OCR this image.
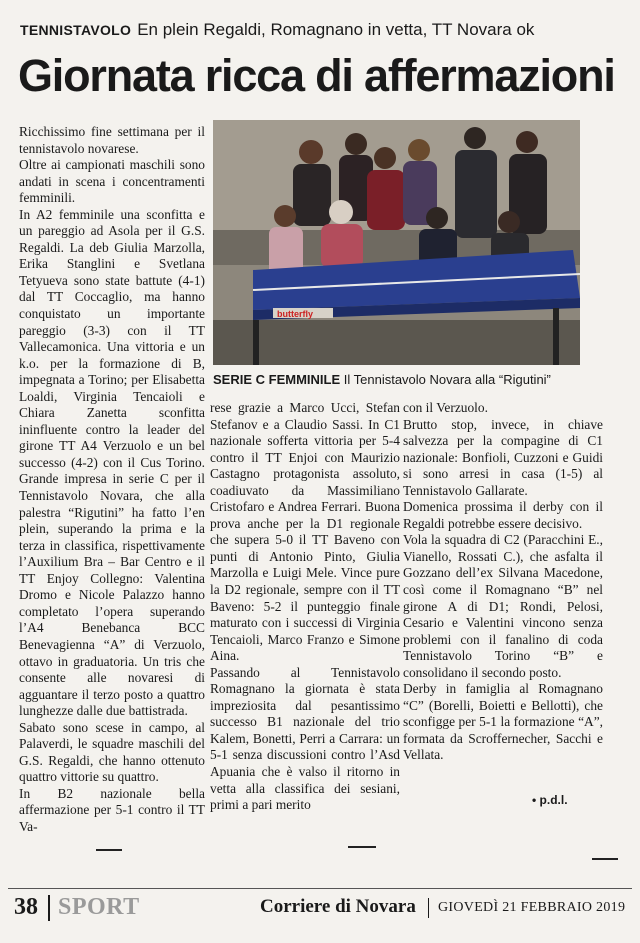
TENNISTAVOLO En plein Regaldi, Romagnano in vetta, TT Novara ok
Giornata ricca di affermazioni

Ricchissimo fine settimana per il tennistavolo novarese.

Oltre ai campionati maschili sono andati in scena i concentramenti femminili.

In A2 femminile una sconfitta e un pareggio ad Asola per il G.S. Regaldi. La deb Giulia Marzolla, Erika Stanglini e Svetlana Tetyueva sono state battute (4-1) dal TT Coccaglio, ma hanno conquistato un importante pareggio (3-3) con il TT Vallecamonica. Una vittoria e un k.o. per la formazione di B, impegnata a Torino; per Elisabetta Loaldi, Virginia Tencaioli e Chiara Zanetta sconfitta ininfluente contro la leader del girone TT A4 Verzuolo e un bel successo (4-2) con il Cus Torino. Grande impresa in serie C per il Tennistavolo Novara, che alla palestra “Rigutini” ha fatto l’en plein, superando la prima e la terza in classifica, rispettivamente l’Auxilium Bra – Bar Centro e il TT Enjoy Collegno: Valentina Dromo e Nicole Palazzo hanno completato l’opera superando l’A4 Benebanca BCC Benevagienna “A” di Verzuolo, ottavo in graduatoria. Un tris che consente alle novaresi di agguantare il terzo posto a quattro lunghezze dalle due battistrada.

Sabato sono scese in campo, al Palaverdi, le squadre maschili del G.S. Regaldi, che hanno ottenuto quattro vittorie su quattro.

In B2 nazionale bella affermazione per 5-1 contro il TT Va-

butterfly
SERIE C FEMMINILE Il Tennistavolo Novara alla “Rigutini”

rese grazie a Marco Ucci, Stefan Stefanov e a Claudio Sassi. In C1 nazionale sofferta vittoria per 5-4 contro il TT Enjoi con Maurizio Castagno protagonista assoluto, coadiuvato da Massimiliano Cristofaro e Andrea Ferrari. Buona prova anche per la D1 regionale che supera 5-0 il TT Baveno con punti di Antonio Pinto, Giulia Marzolla e Luigi Mele. Vince pure la D2 regionale, sempre con il TT Baveno: 5-2 il punteggio finale maturato con i successi di Virginia Tencaioli, Marco Franzo e Simone Aina.

Passando al Tennistavolo Romagnano la giornata è stata impreziosita dal pesantissimo successo B1 nazionale del trio Kalem, Bonetti, Perri a Carrara: un 5-1 senza discussioni contro l’Asd Apuania che è valso il ritorno in vetta alla classifica dei sesiani, primi a pari merito

con il Verzuolo.

Brutto stop, invece, in chiave salvezza per la compagine di C1 nazionale: Bonfioli, Cuzzoni e Guidi si sono arresi in casa (1-5) al Tennistavolo Gallarate.

Domenica prossima il derby con il Regaldi potrebbe essere decisivo.

Vola la squadra di C2 (Paracchini E., Vianello, Rossati C.), che asfalta il Gozzano dell’ex Silvana Macedone, così come il Romagnano “B” nel girone A di D1; Rondi, Pelosi, Cesario e Valentini vincono senza problemi con il fanalino di coda Tennistavolo Torino “B” e consolidano il secondo posto.

Derby in famiglia al Romagnano “C” (Borelli, Boietti e Bellotti), che sconfigge per 5-1 la formazione “A”, formata da Scroffernecher, Sacchi e Vellata.

• p.d.l.
38 SPORT	Corriere di Novara GIOVEDÌ 21 FEBBRAIO 2019
